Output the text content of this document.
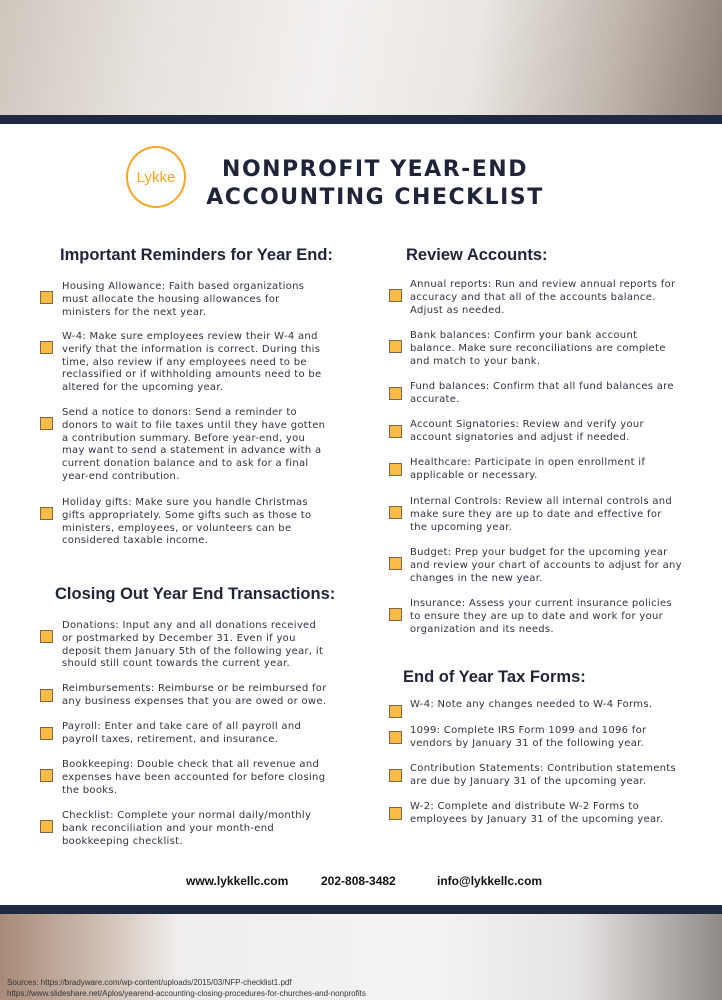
Lykke	NONPROFIT YEAR-END
ACCOUNTING CHECKLIST
Important Reminders for Year End:
Closing Out Year End Transactions:
Review Accounts:
End of Year Tax Forms:
Housing Allowance: Faith based organizations must allocate the housing allowances for ministers for the next year.
W-4: Make sure employees review their W-4 and verify that the information is correct. During this time, also review if any employees need to be reclassified or if withholding amounts need to be altered for the upcoming year.
Send a notice to donors: Send a reminder to donors to wait to file taxes until they have gotten a contribution summary. Before year-end, you may want to send a statement in advance with a current donation balance and to ask for a final year-end contribution.
Holiday gifts: Make sure you handle Christmas gifts appropriately. Some gifts such as those to ministers, employees, or volunteers can be considered taxable income.
Donations: Input any and all donations received or postmarked by December 31. Even if you deposit them January 5th of the following year, it should still count towards the current year.
Reimbursements: Reimburse or be reimbursed for any business expenses that you are owed or owe.
Payroll: Enter and take care of all payroll and payroll taxes, retirement, and insurance.
Bookkeeping: Double check that all revenue and expenses have been accounted for before closing the books.
Checklist: Complete your normal daily/monthly bank reconciliation and your month-end bookkeeping checklist.
Annual reports: Run and review annual reports for accuracy and that all of the accounts balance. Adjust as needed.
Bank balances: Confirm your bank account balance. Make sure reconciliations are complete and match to your bank.
Fund balances: Confirm that all fund balances are accurate.
Account Signatories: Review and verify your account signatories and adjust if needed.
Healthcare: Participate in open enrollment if applicable or necessary.
Internal Controls: Review all internal controls and make sure they are up to date and effective for the upcoming year.
Budget: Prep your budget for the upcoming year and review your chart of accounts to adjust for any changes in the new year.
Insurance: Assess your current insurance policies to ensure they are up to date and work for your organization and its needs.
W-4: Note any changes needed to W-4 Forms.
1099: Complete IRS Form 1099 and 1096 for vendors by January 31 of the following year.
Contribution Statements: Contribution statements are due by January 31 of the upcoming year.
W-2: Complete and distribute W-2 Forms to employees by January 31 of the upcoming year.
www.lykkellc.com	202-808-3482	info@lykkellc.com
Sources: https://bradyware.com/wp-content/uploads/2015/03/NFP-checklist1.pdf
https://www.slideshare.net/Aplos/yearend-accounting-closing-procedures-for-churches-and-nonprofits
